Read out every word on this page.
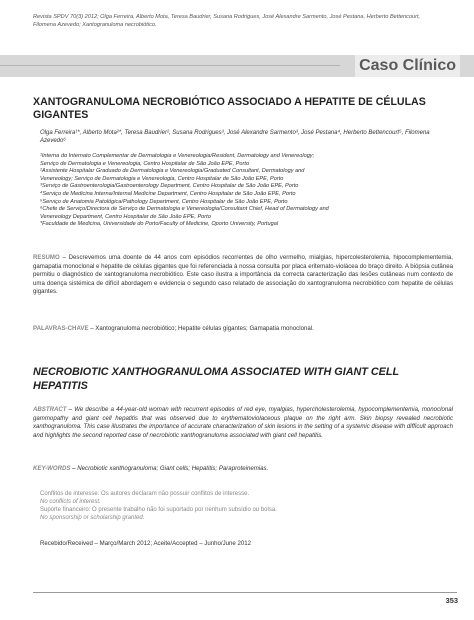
Revista SPDV 70(3) 2012; Olga Ferreira, Alberto Mota, Teresa Baudrier, Susana Rodrigues, José Alexandre Sarmento, José Pestana, Herberto Bettencourt,
Filomena Azevedo; Xantogranuloma necrobiótico.
Caso Clínico
XANTOGRANULOMA NECROBIÓTICO ASSOCIADO A HEPATITE DE CÉLULAS GIGANTES
Olga Ferreira¹*, Alberto Mota²*, Teresa Baudrier², Susana Rodrigues³, José Alexandre Sarmento³, José Pestana⁴, Herberto Bettencourt⁵, Filomena Azevedo⁶
¹Interna do Internato Complementar de Dermatologia e Venereologia/Resident, Dermatology and Venereology;
Serviço de Dermatologia e Venereologia, Centro Hospitalar de São João EPE, Porto
²Assistente Hospitalar Graduado de Dermatologia e Venereologia/Graduated Consultant, Dermatology and
Venereology; Serviço de Dermatologia e Venereologia, Centro Hospitalar de São João EPE, Porto
³Serviço de Gastroenterologia/Gastroenterology Department, Centro Hospitalar de São João EPE, Porto
⁴Serviço de Medicina Interna/Internal Medicine Department, Centro Hospitalar de São João EPE, Porto
⁵Serviço de Anatomia Patológica/Pathology Department, Centro Hospitalar de São João EPE, Porto
⁶Chefe de Serviço/Directora de Serviço de Dermatologia e Venereologia/Consultant Chief, Head of Dermatology and
Venereology Department, Centro Hospitalar de São João EPE, Porto
*Faculdade de Medicina, Universidade do Porto/Faculty of Medicine, Oporto University, Portugal

RESUMO – Descrevemos uma doente de 44 anos com episódios recorrentes de olho vermelho, mialgias, hipercolesterolemia, hipocomplementemia, gamapatia monoclonal e hepatite de células gigantes que foi referenciada à nossa consulta por placa eritemato-violácea do braço direito. A biópsia cutânea permitiu o diagnóstico de xantogranuloma necrobiótico. Este caso ilustra a importância da correcta caracterização das lesões cutâneas num contexto de uma doença sistémica de difícil abordagem e evidencia o segundo caso relatado de associação do xantogranuloma necrobiótico com hepatite de células gigantes.

PALAVRAS-CHAVE – Xantogranuloma necrobiótico; Hepatite células gigantes; Gamapatia monoclonal.

NECROBIOTIC XANTHOGRANULOMA ASSOCIATED WITH GIANT CELL HEPATITIS

ABSTRACT – We describe a 44-year-old woman with recurrent episodes of red eye, myalgias, hypercholesterolemia, hypocomplementemia, monoclonal gammopathy and giant cell hepatitis that was observed due to erythematoviolaceous plaque on the right arm. Skin biopsy revealed necrobiotic xanthogranuloma. This case illustrates the importance of accurate characterization of skin lesions in the setting of a systemic disease with difficult approach and highlights the second reported case of necrobiotic xanthogranuloma associated with giant cell hepatitis.

KEY-WORDS – Necrobiotic xanthogranuloma; Giant cells; Hepatitis; Paraproteinemias.

Conflitos de interesse: Os autores declaram não possuir conflitos de interesse.
No conflicts of interest.
Suporte financeiro: O presente trabalho não foi suportado por nenhum subsídio ou bolsa.
No sponsorship or scholarship granted.
Recebido/Received – Março/March 2012; Aceite/Accepted – Junho/June 2012
353
